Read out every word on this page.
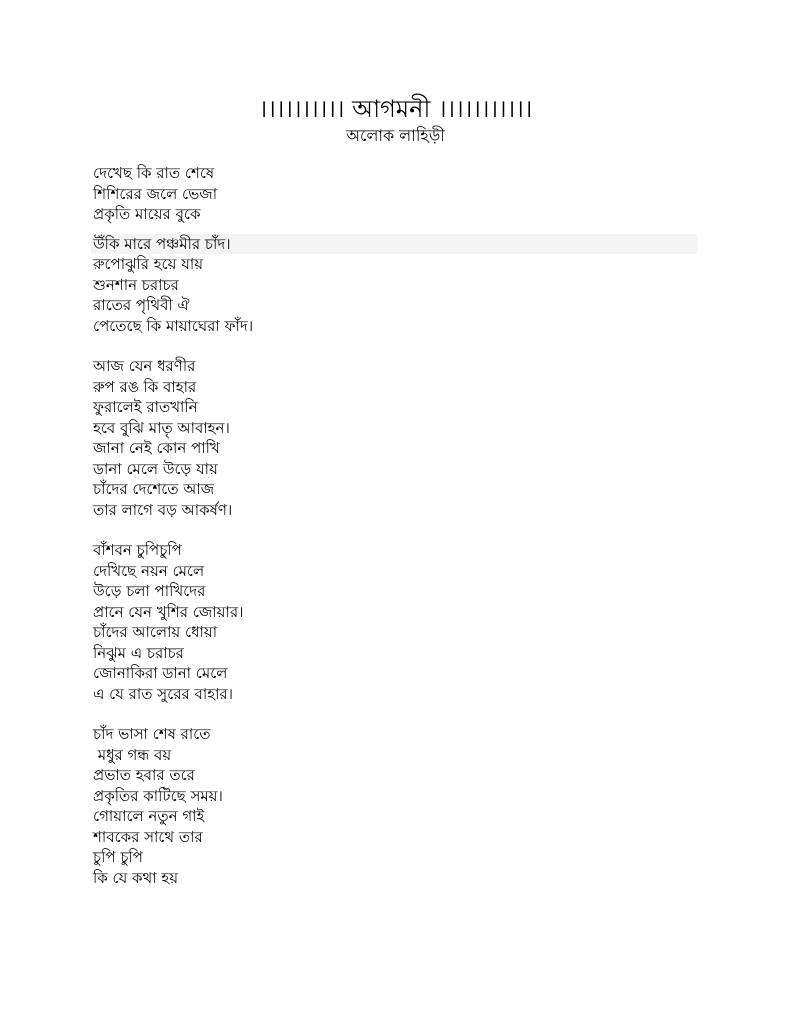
।।।।।।।।।। আগমনী ।।।।।।।।।।।
অলোক লাহিড়ী
দেখেছ কি রাত শেষে
শিশিরের জলে ভেজা
প্রকৃতি মায়ের বুকে
উঁকি মারে পঞ্চমীর চাঁদ।
রুপোঝুরি হয়ে যায়
শুনশান চরাচর
রাতের পৃথিবী ঐ
পেতেছে কি মায়াঘেরা ফাঁদ।
আজ যেন ধরণীর
রুপ রঙ কি বাহার
ফুরালেই রাতখানি
হবে বুঝি মাতৃ আবাহন।
জানা নেই কোন পাখি
ডানা মেলে উড়ে যায়
চাঁদের দেশেতে আজ
তার লাগে বড় আকর্ষণ।
বাঁশবন চুপিচুপি
দেখিছে নয়ন মেলে
উড়ে চলা পাখিদের
প্রানে যেন খুশির জোয়ার।
চাঁদের আলোয় ধোয়া
নিঝুম এ চরাচর
জোনাকিরা ডানা মেলে
এ যে রাত সুরের বাহার।
চাঁদ ভাসা শেষ রাতে
মধুর গন্ধ বয়
প্রভাত হবার তরে
প্রকৃতির কাটিছে সময়।
গোয়ালে নতুন গাই
শাবকের সাথে তার
চুপি চুপি
কি যে কথা হয়
